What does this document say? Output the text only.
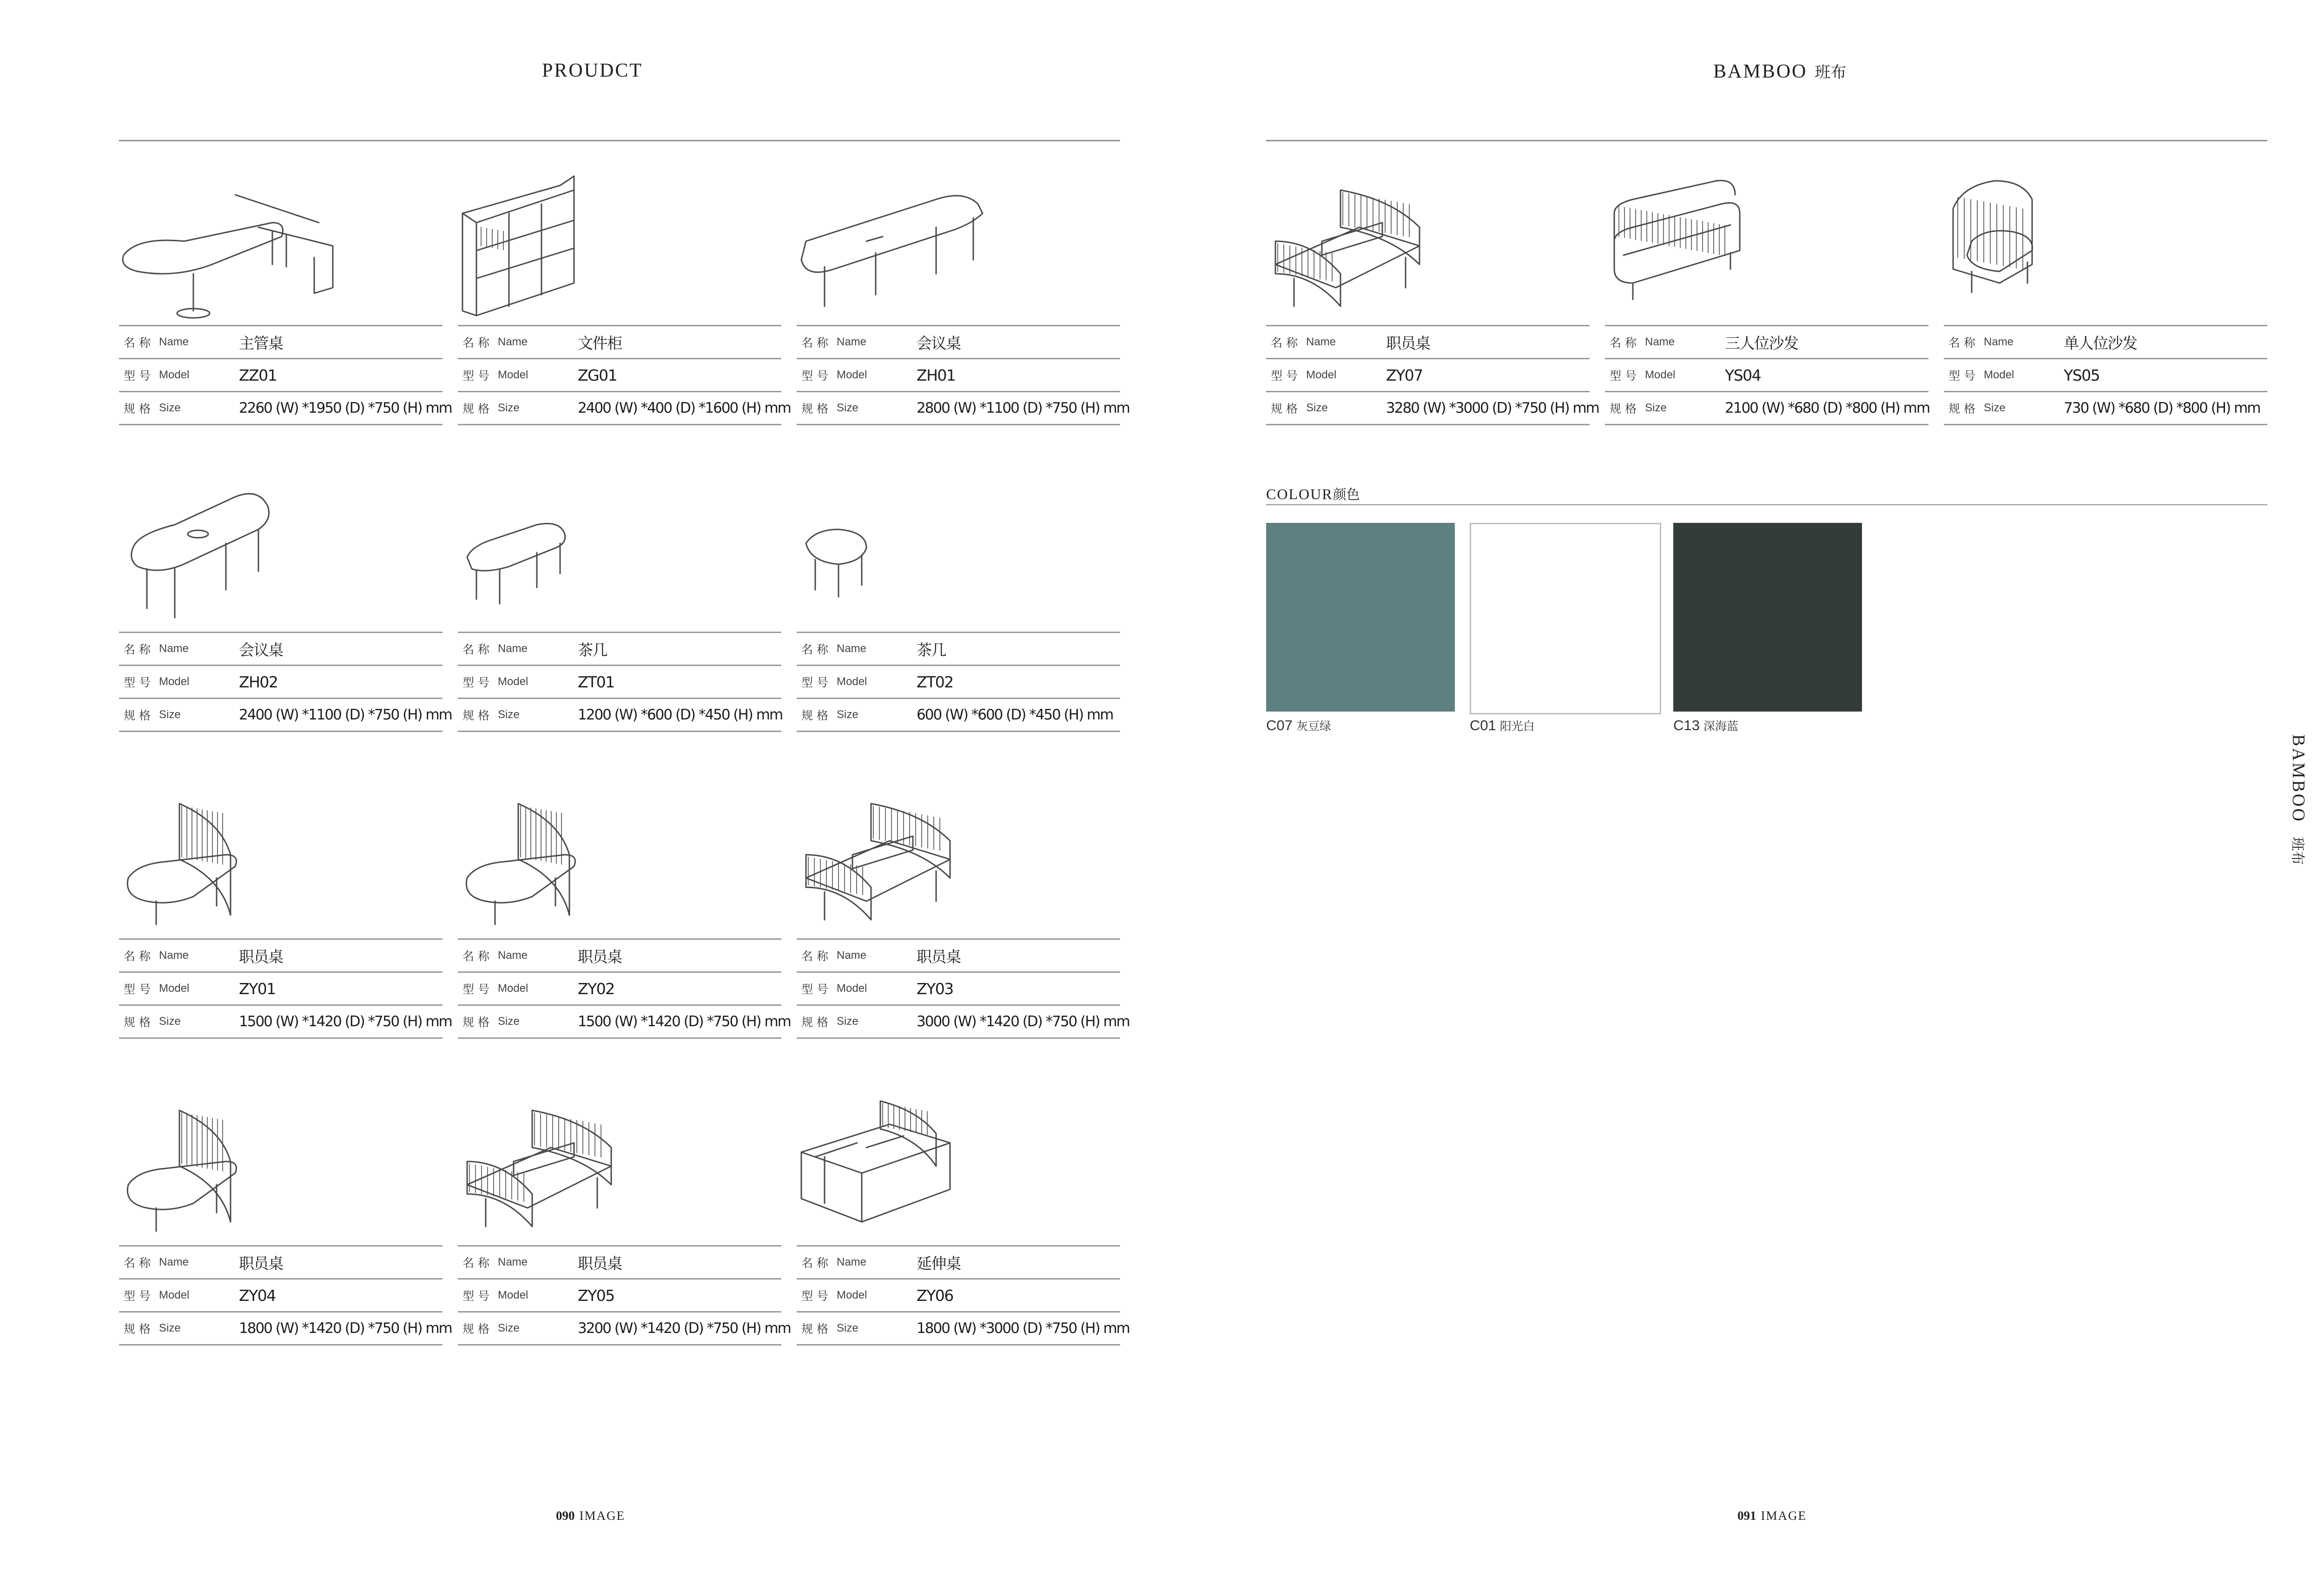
PROUDCT	BAMBOO 班布
名 称 Name	主管桌
型 号 Model	ZZ01
规 格 Size	2260 (W) *1950 (D) *750 (H) mm
名 称 Name	文件柜
型 号 Model	ZG01
规 格 Size	2400 (W) *400 (D) *1600 (H) mm
名 称 Name	会议桌
型 号 Model	ZH01
规 格 Size	2800 (W) *1100 (D) *750 (H) mm
名 称 Name	会议桌
型 号 Model	ZH02
规 格 Size	2400 (W) *1100 (D) *750 (H) mm
名 称 Name	茶几
型 号 Model	ZT01
规 格 Size	1200 (W) *600 (D) *450 (H) mm
名 称 Name	茶几
型 号 Model	ZT02
规 格 Size	600 (W) *600 (D) *450 (H) mm
名 称 Name	职员桌
型 号 Model	ZY01
规 格 Size	1500 (W) *1420 (D) *750 (H) mm
名 称 Name	职员桌
型 号 Model	ZY02
规 格 Size	1500 (W) *1420 (D) *750 (H) mm
名 称 Name	职员桌
型 号 Model	ZY03
规 格 Size	3000 (W) *1420 (D) *750 (H) mm
名 称 Name	职员桌
型 号 Model	ZY04
规 格 Size	1800 (W) *1420 (D) *750 (H) mm
名 称 Name	职员桌
型 号 Model	ZY05
规 格 Size	3200 (W) *1420 (D) *750 (H) mm
名 称 Name	延伸桌
型 号 Model	ZY06
规 格 Size	1800 (W) *3000 (D) *750 (H) mm
名 称 Name	职员桌
型 号 Model	ZY07
规 格 Size	3280 (W) *3000 (D) *750 (H) mm
名 称 Name	三人位沙发
型 号 Model	YS04
规 格 Size	2100 (W) *680 (D) *800 (H) mm
名 称 Name	单人位沙发
型 号 Model	YS05
规 格 Size	730 (W) *680 (D) *800 (H) mm
COLOUR颜色
C07 灰豆绿	C01 阳光白	C13 深海蓝
BAMBOO班布
090 IMAGE	091 IMAGE
